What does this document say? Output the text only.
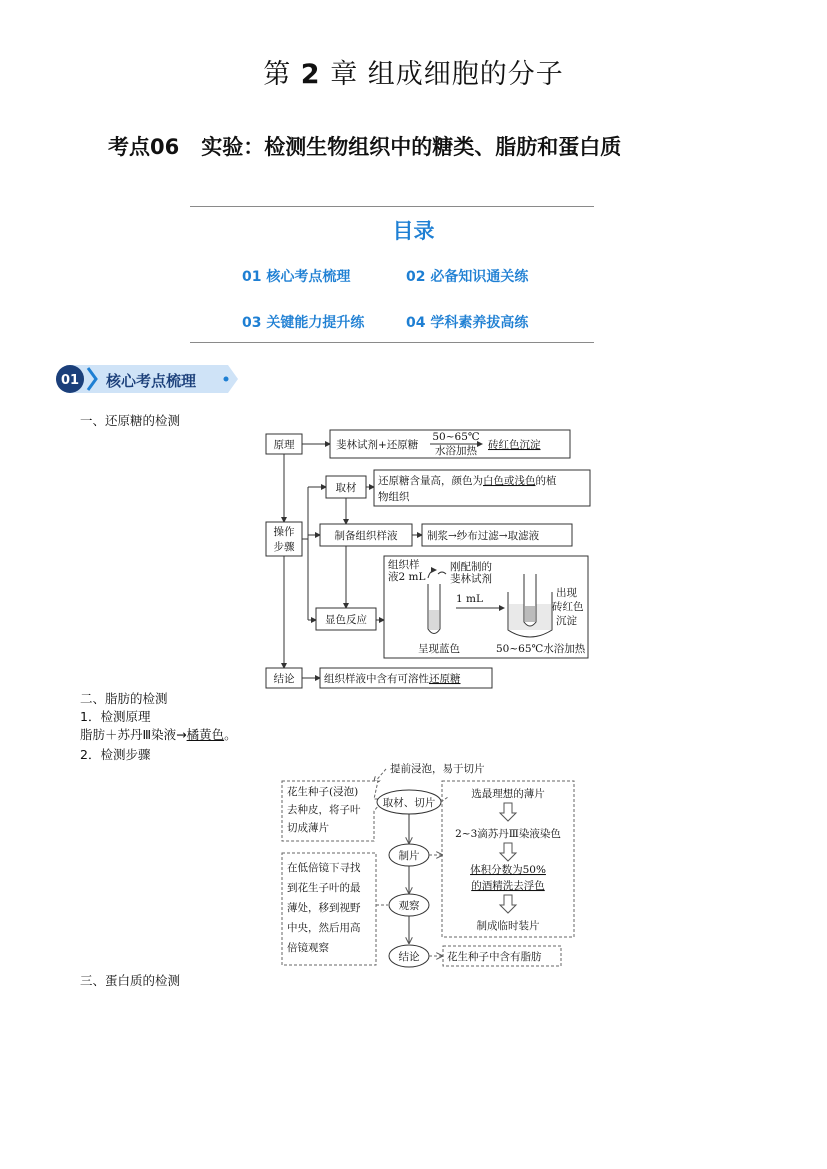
第 2 章 组成细胞的分子
考点06 实验：检测生物组织中的糖类、脂肪和蛋白质
目录
01 核心考点梳理	02 必备知识通关练
03 关键能力提升练	04 学科素养拔高练
01 核心考点梳理
一、还原糖的检测
原理	斐林试剂+还原糖
50~65℃
水浴加热 砖红色沉淀
操作
步骤
取材
还原糖含量高，颜色为白色或浅色的植
物组织
制备组织样液	制浆→纱布过滤→取滤液
显色反应
组织样
液2 mL
刚配制的
斐林试剂
1 mL
呈现蓝色
出现
砖红色
沉淀
50~65℃水浴加热
结论	组织样液中含有可溶性还原糖
二、脂肪的检测
1．检测原理
脂肪＋苏丹Ⅲ染液→橘黄色。
2．检测步骤
提前浸泡，易于切片
花生种子(浸泡)
去种皮，将子叶
切成薄片
取材、切片
制片
观察
结论
选最理想的薄片
2~3滴苏丹Ⅲ染液染色
体积分数为50%
的酒精洗去浮色
制成临时装片
在低倍镜下寻找
到花生子叶的最
薄处，移到视野
中央，然后用高
倍镜观察
花生种子中含有脂肪
三、蛋白质的检测
